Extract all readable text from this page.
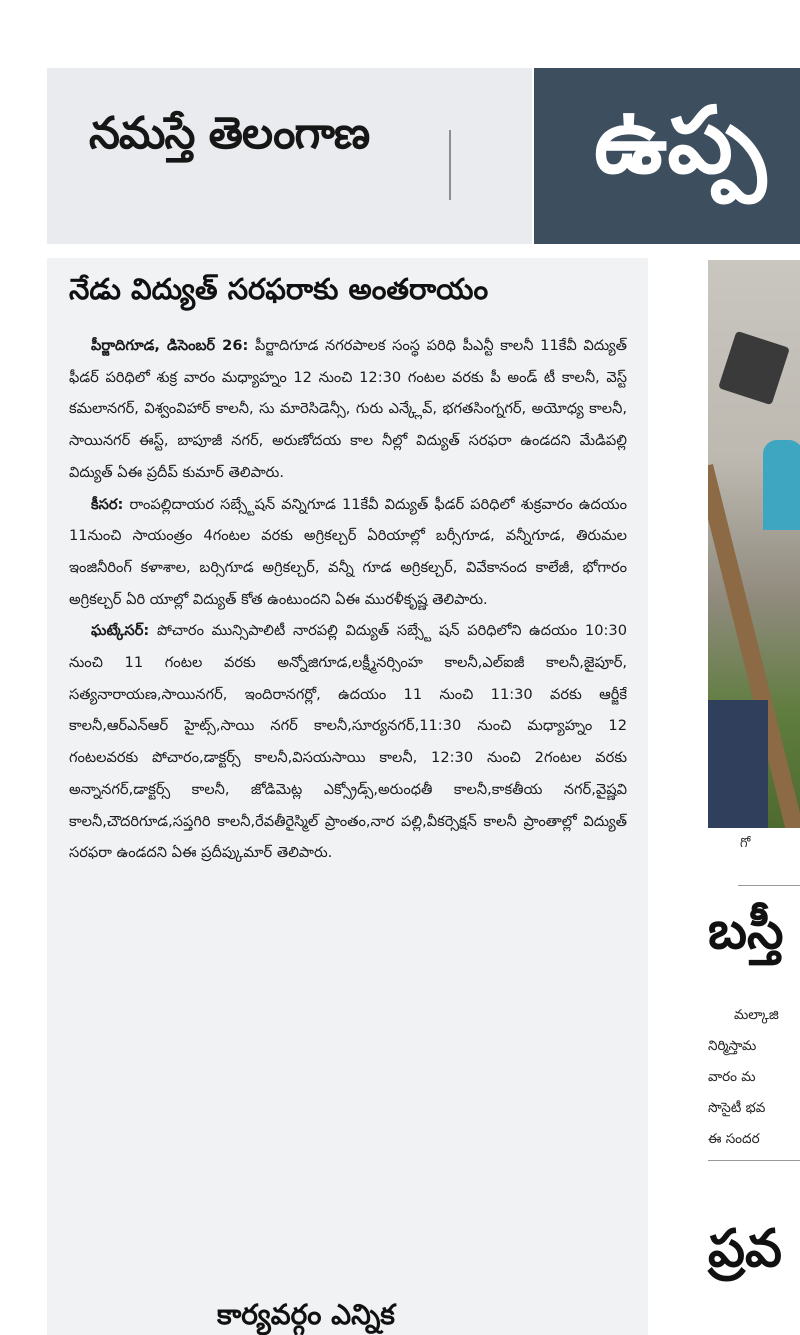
నమస్తే తెలంగాణ ఉప్ప
నేడు విద్యుత్ సరఫరాకు అంతరాయం

పీర్జాదిగూడ, డిసెంబర్ 26: పీర్జాదిగూడ నగరపాలక సంస్థ పరిధి పీఎన్టీ కాలనీ 11కేవీ విద్యుత్ ఫీడర్ పరిధిలో శుక్ర వారం మధ్యాహ్నం 12 నుంచి 12:30 గంటల వరకు పీ అండ్ టీ కాలనీ, వెస్ట్ కమలానగర్, విశ్వంవిహార్ కాలనీ, సు మారెసిడెన్సీ, గురు ఎన్క్లేవ్, భగతసింగ్నగర్, అయోధ్య కాలనీ, సాయినగర్ ఈస్ట్, బాపూజీ నగర్, అరుణోదయ కాల నీల్లో విద్యుత్ సరఫరా ఉండదని మేడిపల్లి విద్యుత్ ఏఈ ప్రదీప్ కుమార్ తెలిపారు.

కీసర: రాంపల్లిదాయర సబ్స్టేషన్ వన్నిగూడ 11కేవీ విద్యుత్ ఫీడర్ పరిధిలో శుక్రవారం ఉదయం 11నుంచి సాయంత్రం 4గంటల వరకు అగ్రికల్చర్ ఏరియాల్లో బర్సీగూడ, వన్నీగూడ, తిరుమల ఇంజినీరింగ్ కళాశాల, బర్సిగూడ అగ్రికల్చర్, వన్నీ గూడ అగ్రికల్చర్, వివేకానంద కాలేజీ, భోగారం అగ్రికల్చర్ ఏరి యాల్లో విద్యుత్ కోత ఉంటుందని ఏఈ మురళీకృష్ణ తెలిపారు.

ఘట్కేసర్: పోచారం మున్సిపాలిటీ నారపల్లి విద్యుత్ సబ్స్టే షన్ పరిధిలోని ఉదయం 10:30 నుంచి 11 గంటల వరకు అన్నోజిగూడ,లక్ష్మీనర్సింహ కాలనీ,ఎల్ఐజీ కాలనీ,జైపూర్, సత్యనారాయణ,సాయినగర్, ఇందిరానగర్లో, ఉదయం 11 నుంచి 11:30 వరకు ఆర్జీకే కాలనీ,ఆర్ఎన్ఆర్ హైట్స్,సాయి నగర్ కాలనీ,సూర్యనగర్,11:30 నుంచి మధ్యాహ్నం 12 గంటలవరకు పోచారం,డాక్టర్స్ కాలనీ,విసయసాయి కాలనీ, 12:30 నుంచి 2గంటల వరకు అన్నానగర్,డాక్టర్స్ కాలనీ, జోడిమెట్ల ఎక్స్రోడ్స్,అరుంధతీ కాలనీ,కాకతీయ నగర్,వైష్ణవి కాలనీ,చౌదరిగూడ,సప్తగిరి కాలనీ,రేవతీరైస్మిల్ ప్రాంతం,నార పల్లి,వీకర్సెక్షన్ కాలనీ ప్రాంతాల్లో విద్యుత్ సరఫరా ఉండదని ఏఈ ప్రదీప్కుమార్ తెలిపారు.

కార్యవర్గం ఎన్నిక
గో
బస్తీ
మల్కాజి
నిర్మిస్తామ
వారం మ
సొసైటీ భవ
ఈ సందర
ప్రవ
